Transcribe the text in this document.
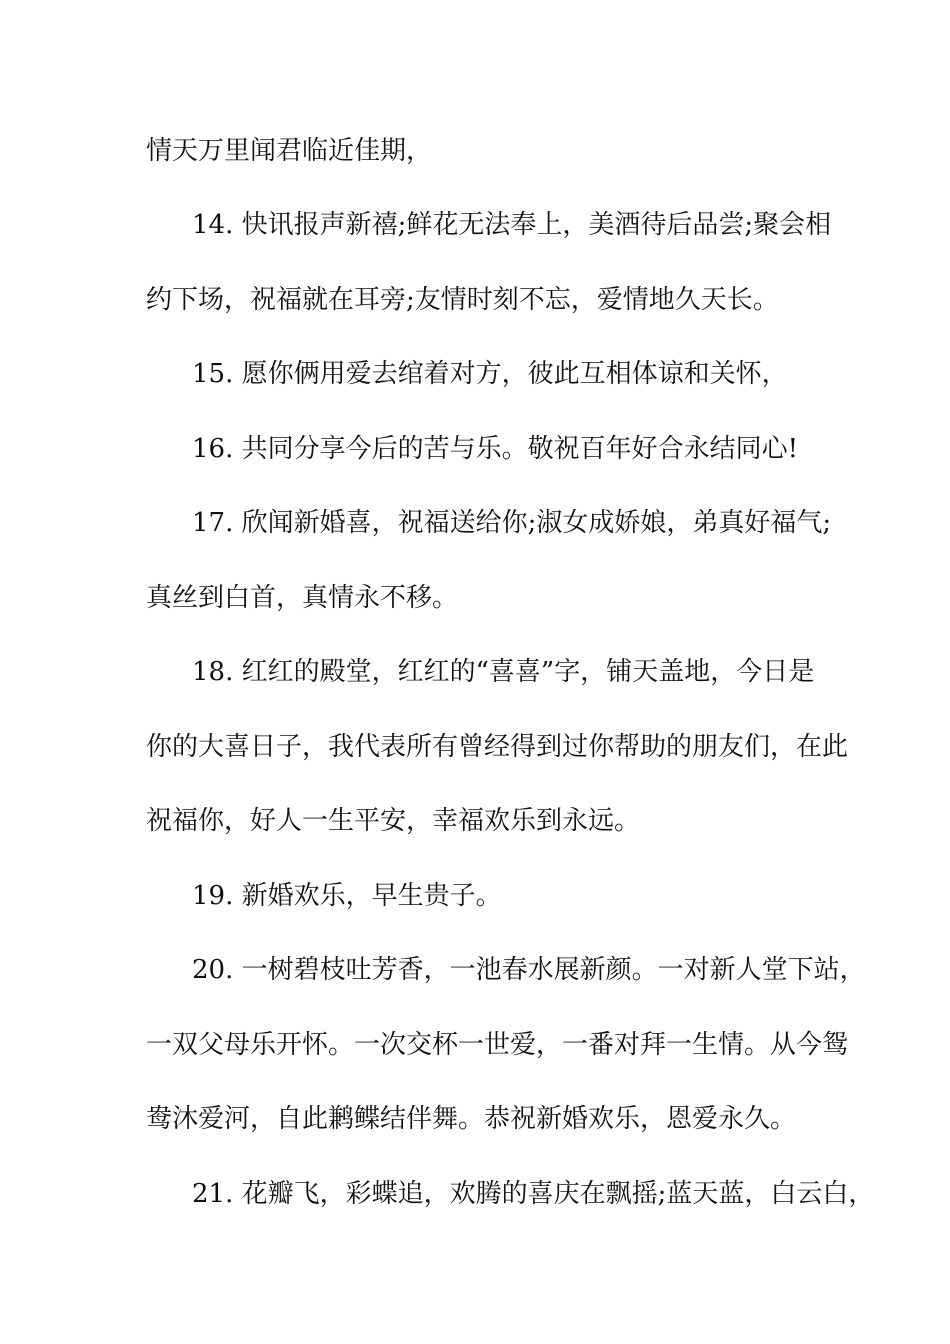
情天万里闻君临近佳期，
14. 快讯报声新禧;鲜花无法奉上，美酒待后品尝;聚会相
约下场，祝福就在耳旁;友情时刻不忘，爱情地久天长。
15. 愿你俩用爱去绾着对方，彼此互相体谅和关怀，
16. 共同分享今后的苦与乐。敬祝百年好合永结同心!
17. 欣闻新婚喜，祝福送给你;淑女成娇娘，弟真好福气;
真丝到白首，真情永不移。
18. 红红的殿堂，红红的“喜喜”字，铺天盖地，今日是
你的大喜日子，我代表所有曾经得到过你帮助的朋友们，在此
祝福你，好人一生平安，幸福欢乐到永远。
19. 新婚欢乐，早生贵子。
20. 一树碧枝吐芳香，一池春水展新颜。一对新人堂下站，
一双父母乐开怀。一次交杯一世爱，一番对拜一生情。从今鸳
鸯沐爱河，自此鹣鲽结伴舞。恭祝新婚欢乐，恩爱永久。
21. 花瓣飞，彩蝶追，欢腾的喜庆在飘摇;蓝天蓝，白云白，
